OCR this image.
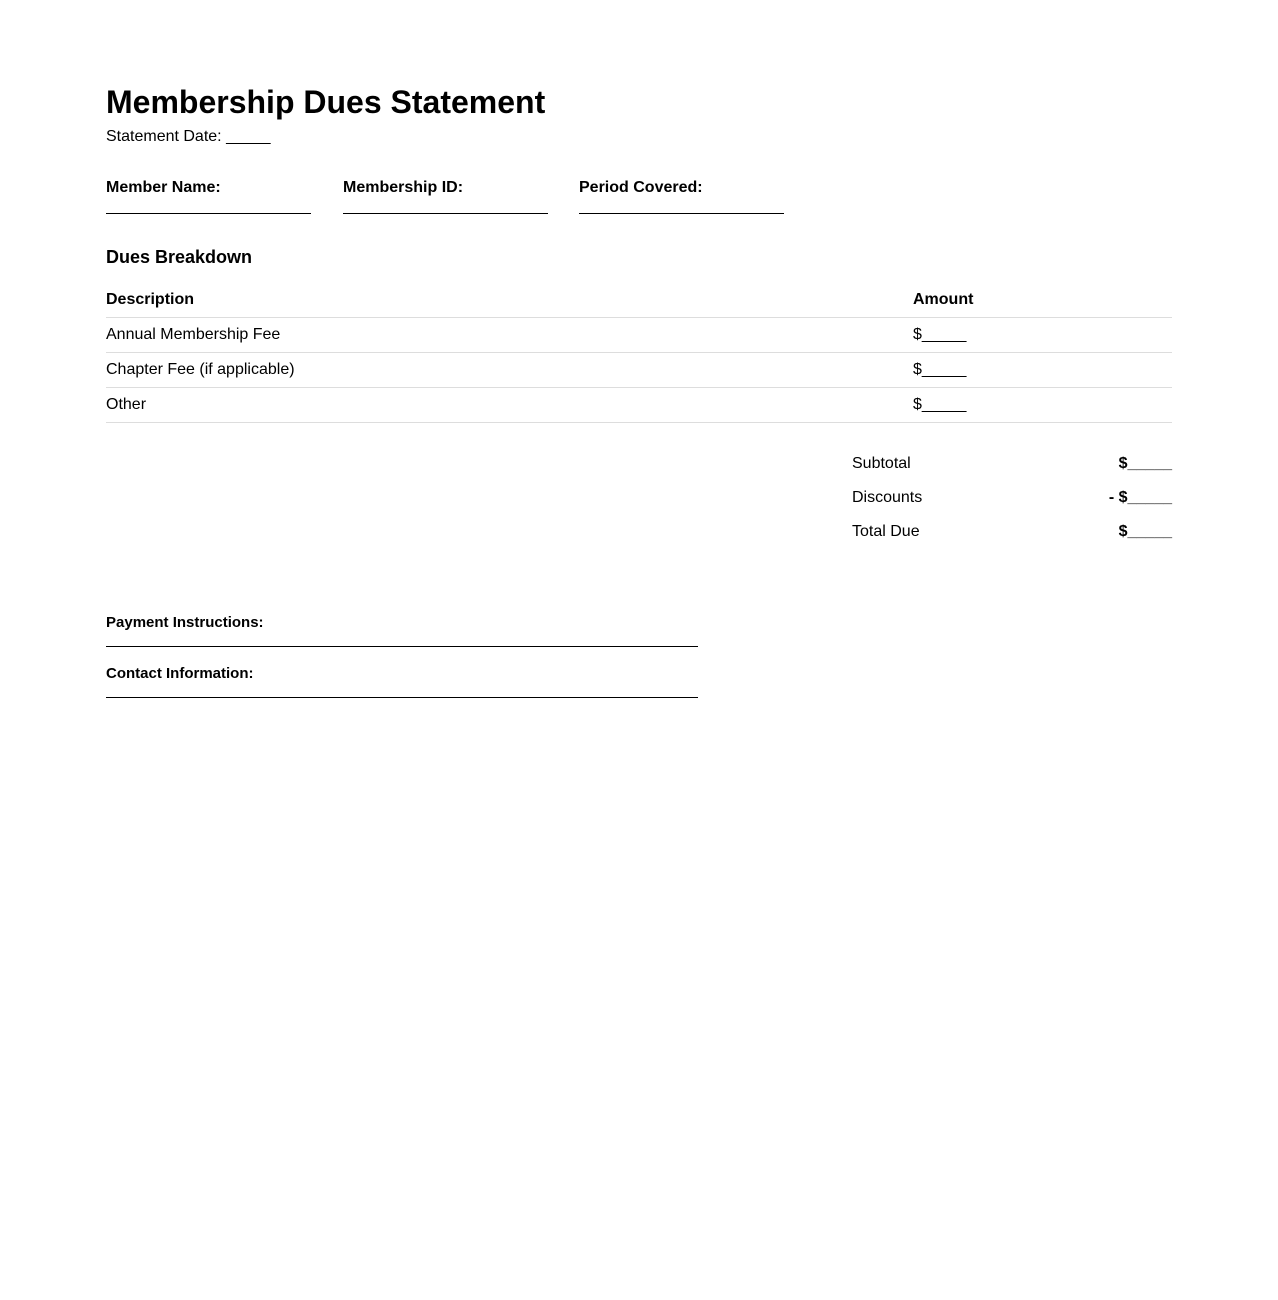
Membership Dues Statement
Statement Date: _____
Member Name:	Membership ID:	Period Covered:
Dues Breakdown
Description	Amount
Annual Membership Fee	$_____
Chapter Fee (if applicable)	$_____
Other	$_____
Subtotal	$_____
Discounts	- $_____
Total Due	$_____
Payment Instructions:
Contact Information:
